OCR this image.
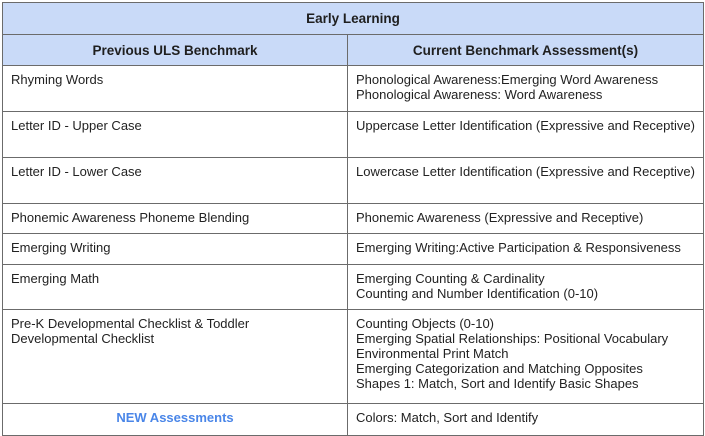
Early Learning	
Previous ULS Benchmark	Current Benchmark Assessment(s)
Rhyming Words	Phonological Awareness:Emerging Word Awareness
Phonological Awareness: Word Awareness

Letter ID - Upper Case	Uppercase Letter Identification (Expressive and Receptive)

Letter ID - Lower Case	Lowercase Letter Identification (Expressive and Receptive)

Phonemic Awareness Phoneme Blending	Phonemic Awareness (Expressive and Receptive)

Emerging Writing	Emerging Writing:Active Participation & Responsiveness

Emerging Math	Emerging Counting & Cardinality
Counting and Number Identification (0-10)

Pre-K Developmental Checklist & Toddler Developmental Checklist	Counting Objects (0-10)
Emerging Spatial Relationships: Positional Vocabulary
Environmental Print Match
Emerging Categorization and Matching Opposites
Shapes 1: Match, Sort and Identify Basic Shapes

NEW Assessments	Colors: Match, Sort and Identify
